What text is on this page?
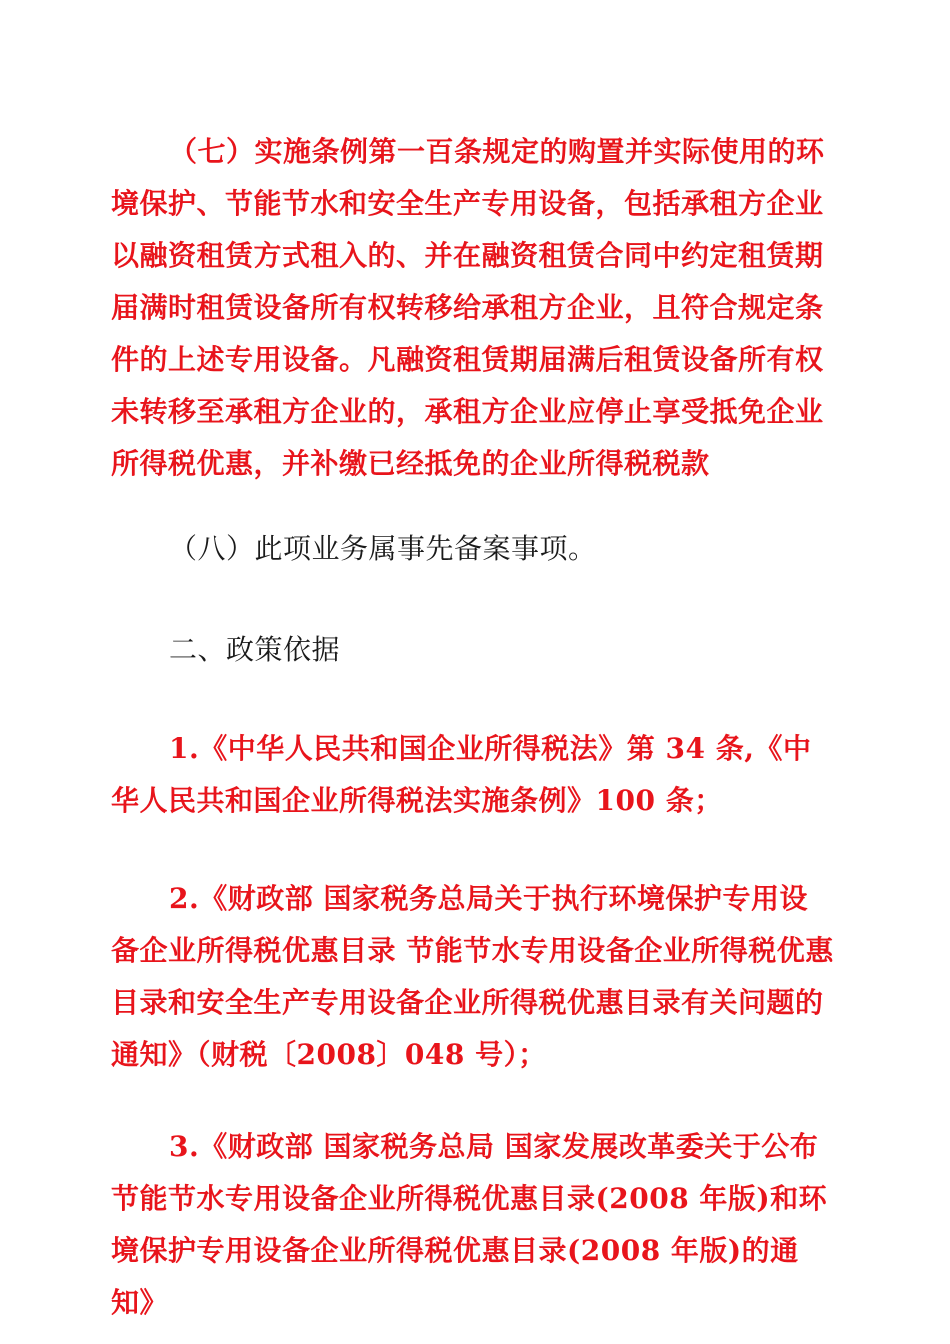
（七）实施条例第一百条规定的购置并实际使用的环境保护、节能节水和安全生产专用设备，包括承租方企业以融资租赁方式租入的、并在融资租赁合同中约定租赁期届满时租赁设备所有权转移给承租方企业，且符合规定条件的上述专用设备。凡融资租赁期届满后租赁设备所有权未转移至承租方企业的，承租方企业应停止享受抵免企业所得税优惠，并补缴已经抵免的企业所得税税款

（八）此项业务属事先备案事项。

二、政策依据

1.《中华人民共和国企业所得税法》第 34 条,《中华人民共和国企业所得税法实施条例》100 条；

2.《财政部 国家税务总局关于执行环境保护专用设备企业所得税优惠目录 节能节水专用设备企业所得税优惠目录和安全生产专用设备企业所得税优惠目录有关问题的通知》（财税〔2008〕048 号）；

3.《财政部 国家税务总局 国家发展改革委关于公布节能节水专用设备企业所得税优惠目录(2008 年版)和环境保护专用设备企业所得税优惠目录(2008 年版)的通知》
